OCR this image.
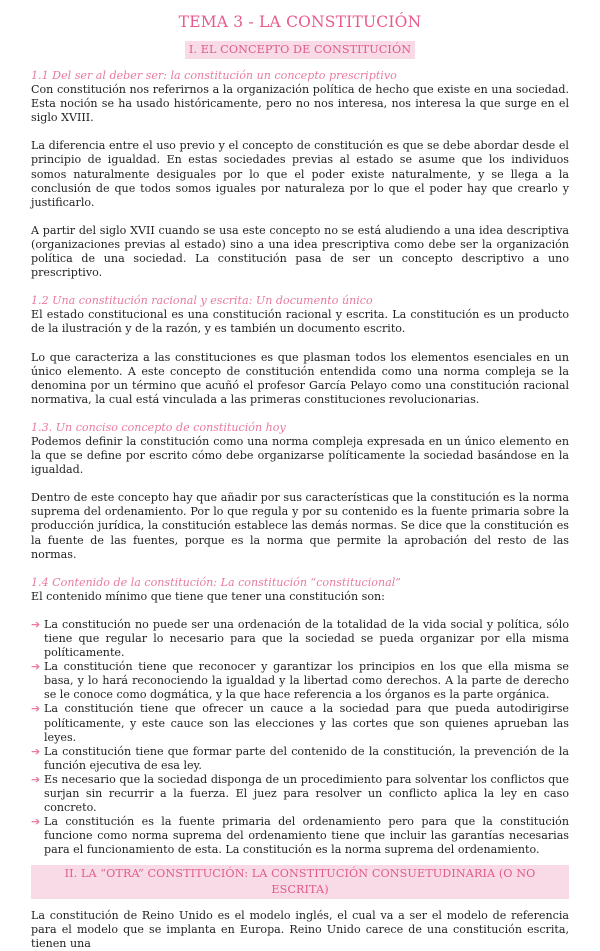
TEMA 3 - LA CONSTITUCIÓN
I. EL CONCEPTO DE CONSTITUCIÓN
1.1 Del ser al deber ser: la constitución un concepto prescriptivo

Con constitución nos referirnos a la organización política de hecho que existe en una sociedad. Esta noción se ha usado históricamente, pero no nos interesa, nos interesa la que surge en el siglo XVIII.

La diferencia entre el uso previo y el concepto de constitución es que se debe abordar desde el principio de igualdad. En estas sociedades previas al estado se asume que los individuos somos naturalmente desiguales por lo que el poder existe naturalmente, y se llega a la conclusión de que todos somos iguales por naturaleza por lo que el poder hay que crearlo y justificarlo.

A partir del siglo XVII cuando se usa este concepto no se está aludiendo a una idea descriptiva (organizaciones previas al estado) sino a una idea prescriptiva como debe ser la organización política de una sociedad. La constitución pasa de ser un concepto descriptivo a uno prescriptivo.

1.2 Una constitución racional y escrita: Un documento único

El estado constitucional es una constitución racional y escrita. La constitución es un producto de la ilustración y de la razón, y es también un documento escrito.

Lo que caracteriza a las constituciones es que plasman todos los elementos esenciales en un único elemento. A este concepto de constitución entendida como una norma compleja se la denomina por un término que acuñó el profesor García Pelayo como una constitución racional normativa, la cual está vinculada a las primeras constituciones revolucionarias.

1.3. Un conciso concepto de constitución hoy

Podemos definir la constitución como una norma compleja expresada en un único elemento en la que se define por escrito cómo debe organizarse políticamente la sociedad basándose en la igualdad.

Dentro de este concepto hay que añadir por sus características que la constitución es la norma suprema del ordenamiento. Por lo que regula y por su contenido es la fuente primaria sobre la producción jurídica, la constitución establece las demás normas. Se dice que la constitución es la fuente de las fuentes, porque es la norma que permite la aprobación del resto de las normas.

1.4 Contenido de la constitución: La constitución “constitucional”

El contenido mínimo que tiene que tener una constitución son:

➔ La constitución no puede ser una ordenación de la totalidad de la vida social y política, sólo tiene que regular lo necesario para que la sociedad se pueda organizar por ella misma políticamente.
➔ La constitución tiene que reconocer y garantizar los principios en los que ella misma se basa, y lo hará reconociendo la igualdad y la libertad como derechos. A la parte de derecho se le conoce como dogmática, y la que hace referencia a los órganos es la parte orgánica.
➔ La constitución tiene que ofrecer un cauce a la sociedad para que pueda autodirigirse políticamente, y este cauce son las elecciones y las cortes que son quienes aprueban las leyes.
➔ La constitución tiene que formar parte del contenido de la constitución, la prevención de la función ejecutiva de esa ley.
➔ Es necesario que la sociedad disponga de un procedimiento para solventar los conflictos que surjan sin recurrir a la fuerza. El juez para resolver un conflicto aplica la ley en caso concreto.
➔ La constitución es la fuente primaria del ordenamiento pero para que la constitución funcione como norma suprema del ordenamiento tiene que incluir las garantías necesarias para el funcionamiento de esta. La constitución es la norma suprema del ordenamiento.
II. LA “OTRA” CONSTITUCIÓN: LA CONSTITUCIÓN CONSUETUDINARIA (O NO ESCRITA)

La constitución de Reino Unido es el modelo inglés, el cual va a ser el modelo de referencia para el modelo que se implanta en Europa. Reino Unido carece de una constitución escrita, tienen una
